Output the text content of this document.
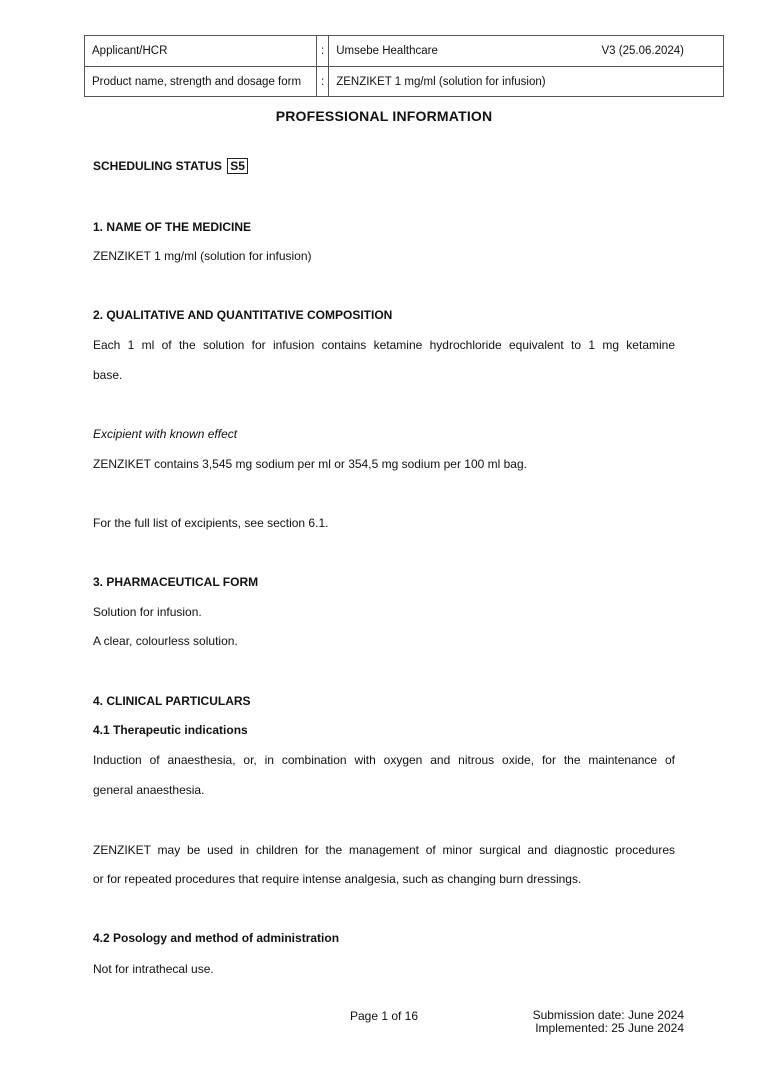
Applicant/HCR	:	Umsebe Healthcare V3 (25.06.2024)

Product name, strength and dosage form	:	ZENZIKET 1 mg/ml (solution for infusion)
PROFESSIONAL INFORMATION
SCHEDULING STATUS S5
1. NAME OF THE MEDICINE
ZENZIKET 1 mg/ml (solution for infusion)
2. QUALITATIVE AND QUANTITATIVE COMPOSITION
Each 1 ml of the solution for infusion contains ketamine hydrochloride equivalent to 1 mg ketamine
base.
Excipient with known effect
ZENZIKET contains 3,545 mg sodium per ml or 354,5 mg sodium per 100 ml bag.
For the full list of excipients, see section 6.1.
3. PHARMACEUTICAL FORM
Solution for infusion.
A clear, colourless solution.
4. CLINICAL PARTICULARS
4.1 Therapeutic indications
Induction of anaesthesia, or, in combination with oxygen and nitrous oxide, for the maintenance of
general anaesthesia.
ZENZIKET may be used in children for the management of minor surgical and diagnostic procedures
or for repeated procedures that require intense analgesia, such as changing burn dressings.
4.2 Posology and method of administration
Not for intrathecal use.
Page 1 of 16	Submission date: June 2024
Implemented: 25 June 2024
